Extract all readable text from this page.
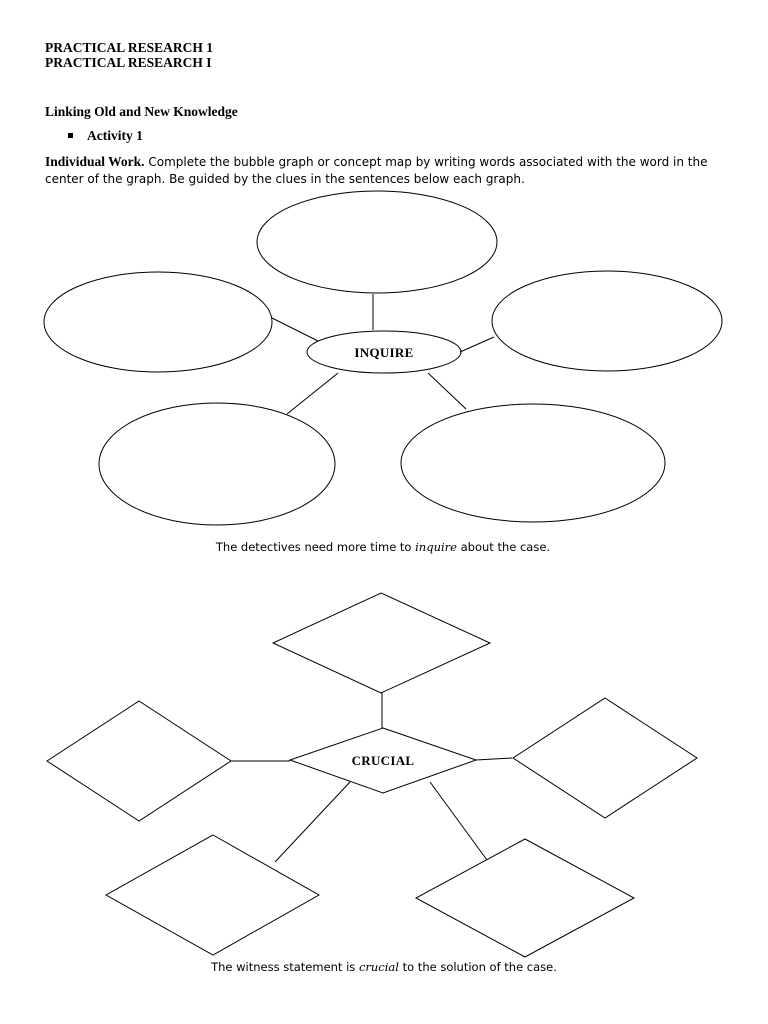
PRACTICAL RESEARCH 1
PRACTICAL RESEARCH I
Linking Old and New Knowledge
Activity 1
Individual Work. Complete the bubble graph or concept map by writing words associated with the word in the center of the graph. Be guided by the clues in the sentences below each graph.
INQUIRE
CRUCIAL
The detectives need more time to inquire about the case.
The witness statement is crucial to the solution of the case.
